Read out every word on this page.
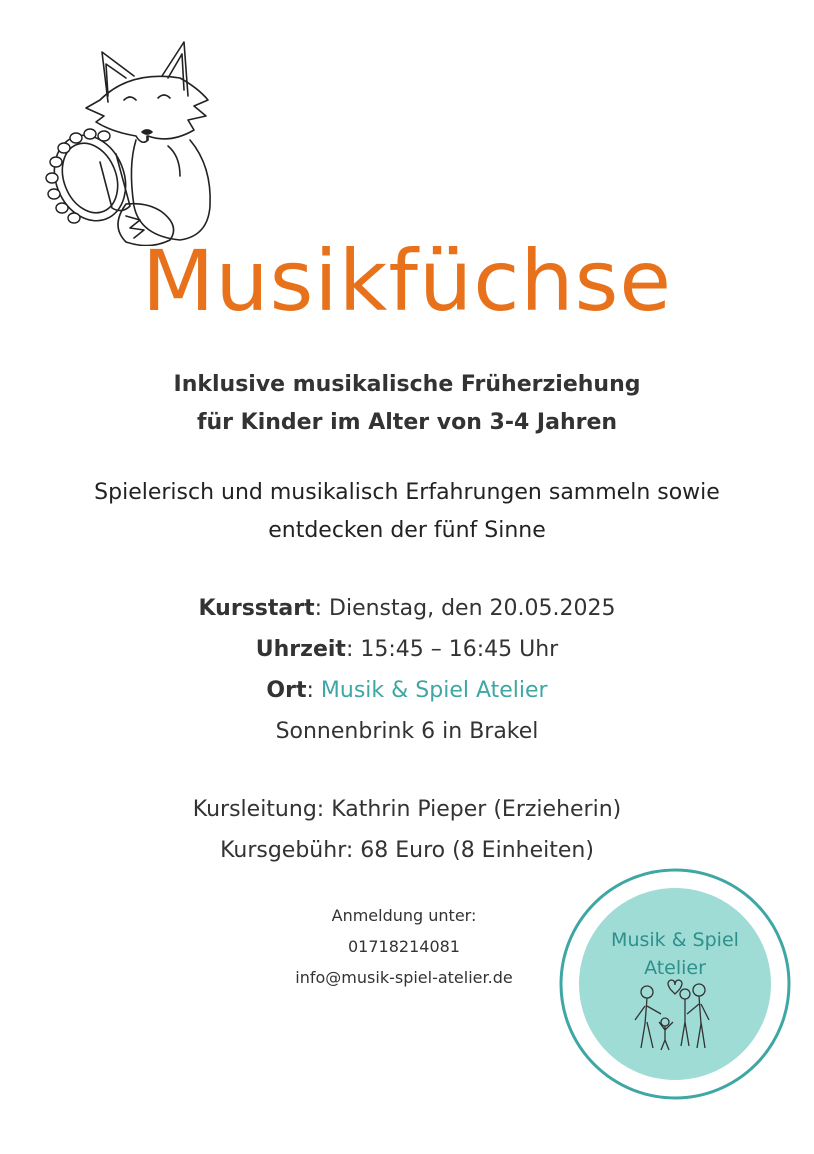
Musikfüchse
Inklusive musikalische Früherziehung
für Kinder im Alter von 3-4 Jahren
Spielerisch und musikalisch Erfahrungen sammeln sowie
entdecken der fünf Sinne
Kursstart: Dienstag, den 20.05.2025
Uhrzeit: 15:45 – 16:45 Uhr
Ort: Musik & Spiel Atelier
Sonnenbrink 6 in Brakel
Kursleitung: Kathrin Pieper (Erzieherin)
Kursgebühr: 68 Euro (8 Einheiten)
Anmeldung unter:
01718214081
info@musik-spiel-atelier.de
Musik & Spiel
Atelier
